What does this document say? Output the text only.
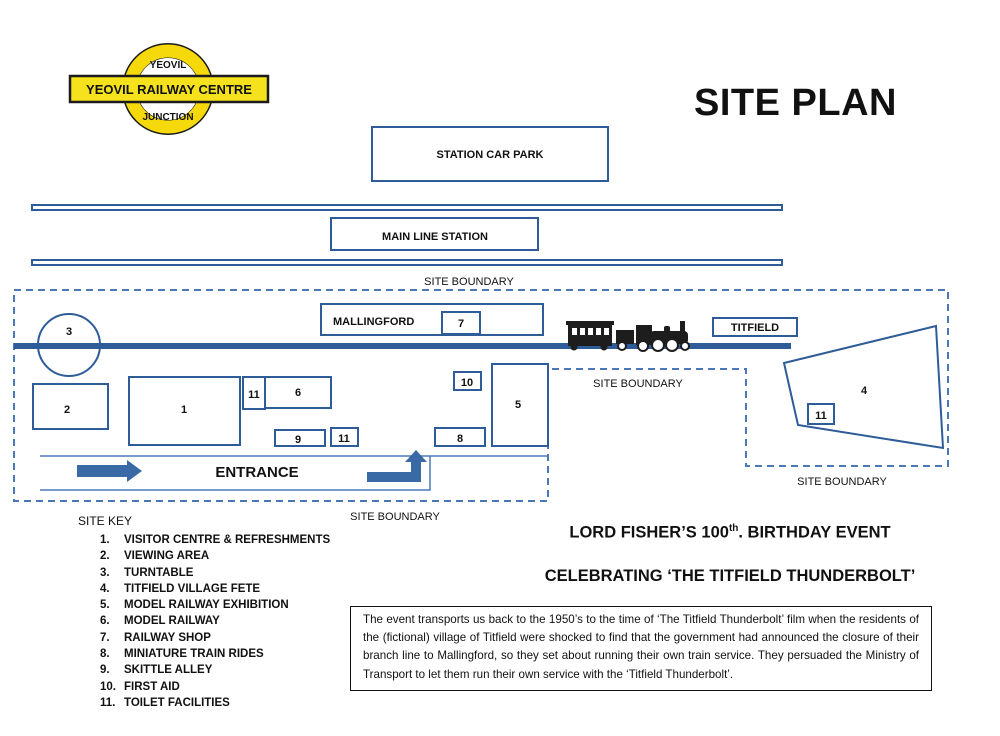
YEOVIL RAILWAY CENTRE
YEOVIL
JUNCTION
STATION CAR PARK
MAIN LINE STATION
SITE BOUNDARY
SITE BOUNDARY
SITE BOUNDARY
SITE BOUNDARY
MALLINGFORD	7	TITFIELD
3
2	1
11	6
9	11
10
8
5
4
11
ENTRANCE
SITE PLAN

SITE KEY

1. VISITOR CENTRE & REFRESHMENTS
2. VIEWING AREA
3. TURNTABLE
4. TITFIELD VILLAGE FETE
5. MODEL RAILWAY EXHIBITION
6. MODEL RAILWAY
7. RAILWAY SHOP
8. MINIATURE TRAIN RIDES
9. SKITTLE ALLEY
10. FIRST AID
11. TOILET FACILITIES
LORD FISHER’S 100th. BIRTHDAY EVENT
CELEBRATING ‘THE TITFIELD THUNDERBOLT’

The event transports us back to the 1950’s to the time of ‘The Titfield Thunderbolt’ film when the residents of the (fictional) village of Titfield were shocked to find that the government had announced the closure of their branch line to Mallingford, so they set about running their own train service. They persuaded the Ministry of Transport to let them run their own service with the ‘Titfield Thunderbolt’.
